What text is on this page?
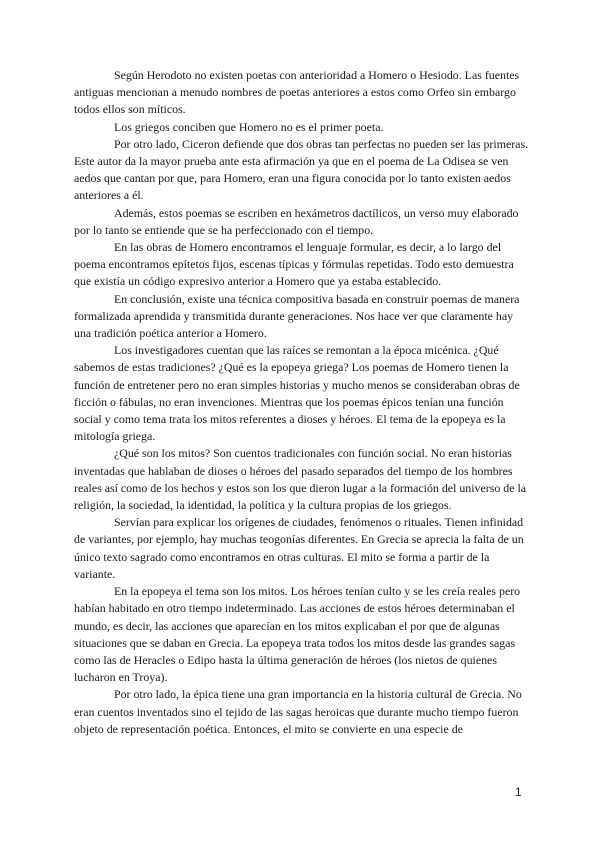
Según Herodoto no existen poetas con anterioridad a Homero o Hesiodo. Las fuentes antiguas mencionan a menudo nombres de poetas anteriores a estos como Orfeo sin embargo todos ellos son míticos.

Los griegos conciben que Homero no es el primer poeta.

Por otro lado, Ciceron defiende que dos obras tan perfectas no pueden ser las primeras. Este autor da la mayor prueba ante esta afirmación ya que en el poema de La Odisea se ven aedos que cantan por que, para Homero, eran una figura conocida por lo tanto existen aedos anteriores a él.

Además, estos poemas se escriben en hexámetros dactílicos, un verso muy elaborado por lo tanto se entiende que se ha perfeccionado con el tiempo.

En las obras de Homero encontramos el lenguaje formular, es decir, a lo largo del poema encontramos epítetos fijos, escenas típicas y fórmulas repetidas. Todo esto demuestra que existía un código expresivo anterior a Homero que ya estaba establecido.

En conclusión, existe una técnica compositiva basada en construir poemas de manera formalizada aprendida y transmitida durante generaciones. Nos hace ver que claramente hay una tradición poética anterior a Homero.

Los investigadores cuentan que las raíces se remontan a la época micénica. ¿Qué sabemos de estas tradiciones? ¿Qué es la epopeya griega? Los poemas de Homero tienen la función de entretener pero no eran simples historias y mucho menos se consideraban obras de ficción o fábulas, no eran invenciones. Mientras que los poemas épicos tenían una función social y como tema trata los mitos referentes a dioses y héroes. El tema de la epopeya es la mitología griega.

¿Qué son los mitos? Son cuentos tradicionales con función social. No eran historias inventadas que hablaban de dioses o héroes del pasado separados del tiempo de los hombres reales así como de los hechos y estos son los que dieron lugar a la formación del universo de la religión, la sociedad, la identidad, la política y la cultura propias de los griegos.

Servían para explicar los orígenes de ciudades, fenómenos o rituales. Tienen infinidad de variantes, por ejemplo, hay muchas teogonías diferentes. En Grecia se aprecia la falta de un único texto sagrado como encontramos en otras culturas. El mito se forma a partir de la variante.

En la epopeya el tema son los mitos. Los héroes tenían culto y se les creía reales pero habían habitado en otro tiempo indeterminado. Las acciones de estos héroes determinaban el mundo, es decir, las acciones que aparecían en los mitos explicaban el por que de algunas situaciones que se daban en Grecia. La epopeya trata todos los mitos desde las grandes sagas como las de Heracles o Edipo hasta la última generación de héroes (los nietos de quienes lucharon en Troya).

Por otro lado, la épica tiene una gran importancia en la historia cultural de Grecia. No eran cuentos inventados sino el tejido de las sagas heroicas que durante mucho tiempo fueron objeto de representación poética. Entonces, el mito se convierte en una especie de

1
